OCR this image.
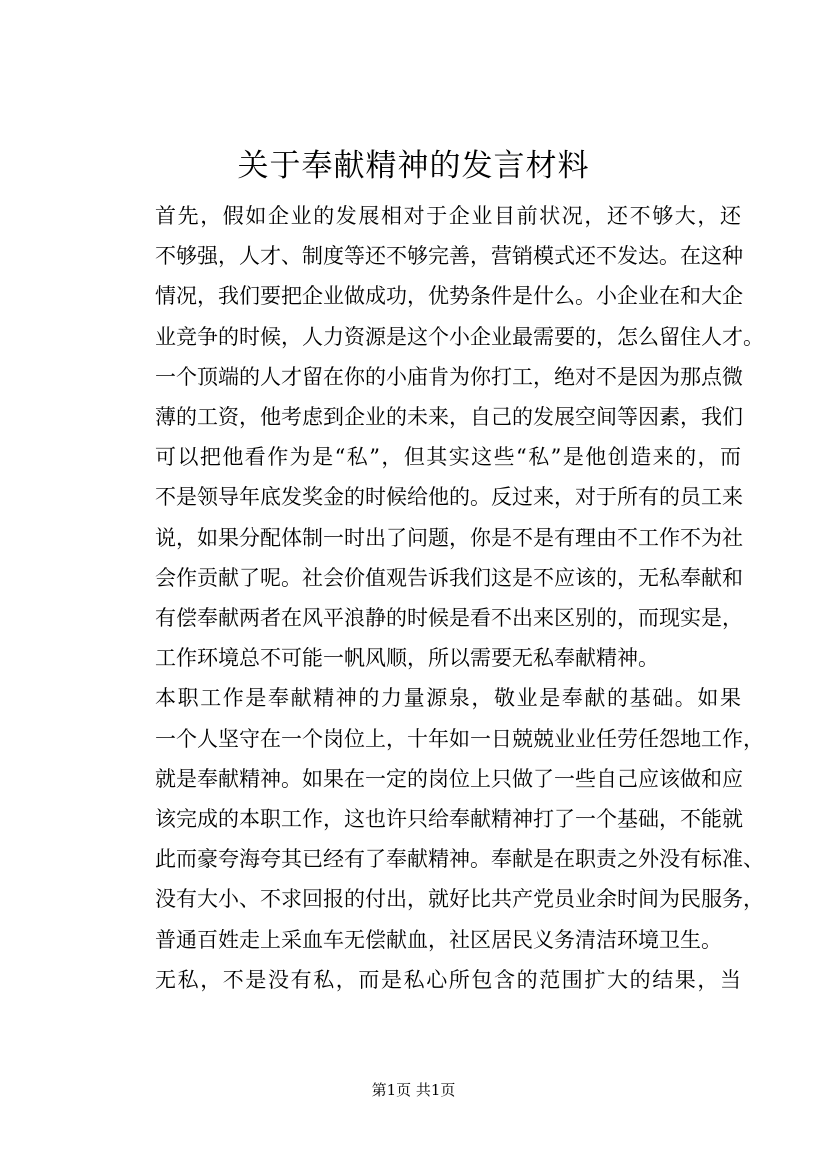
关于奉献精神的发言材料
首先，假如企业的发展相对于企业目前状况，还不够大，还
不够强，人才、制度等还不够完善，营销模式还不发达。在这种
情况，我们要把企业做成功，优势条件是什么。小企业在和大企
业竞争的时候，人力资源是这个小企业最需要的，怎么留住人才。
一个顶端的人才留在你的小庙肯为你打工，绝对不是因为那点微
薄的工资，他考虑到企业的未来，自己的发展空间等因素，我们
可以把他看作为是“私”，但其实这些“私”是他创造来的，而
不是领导年底发奖金的时候给他的。反过来，对于所有的员工来
说，如果分配体制一时出了问题，你是不是有理由不工作不为社
会作贡献了呢。社会价值观告诉我们这是不应该的，无私奉献和
有偿奉献两者在风平浪静的时候是看不出来区别的，而现实是，
工作环境总不可能一帆风顺，所以需要无私奉献精神。
本职工作是奉献精神的力量源泉，敬业是奉献的基础。如果
一个人坚守在一个岗位上，十年如一日兢兢业业任劳任怨地工作，
就是奉献精神。如果在一定的岗位上只做了一些自己应该做和应
该完成的本职工作，这也许只给奉献精神打了一个基础，不能就
此而豪夸海夸其已经有了奉献精神。奉献是在职责之外没有标准、
没有大小、不求回报的付出，就好比共产党员业余时间为民服务，
普通百姓走上采血车无偿献血，社区居民义务清洁环境卫生。
无私，不是没有私，而是私心所包含的范围扩大的结果，当
第1页 共1页
